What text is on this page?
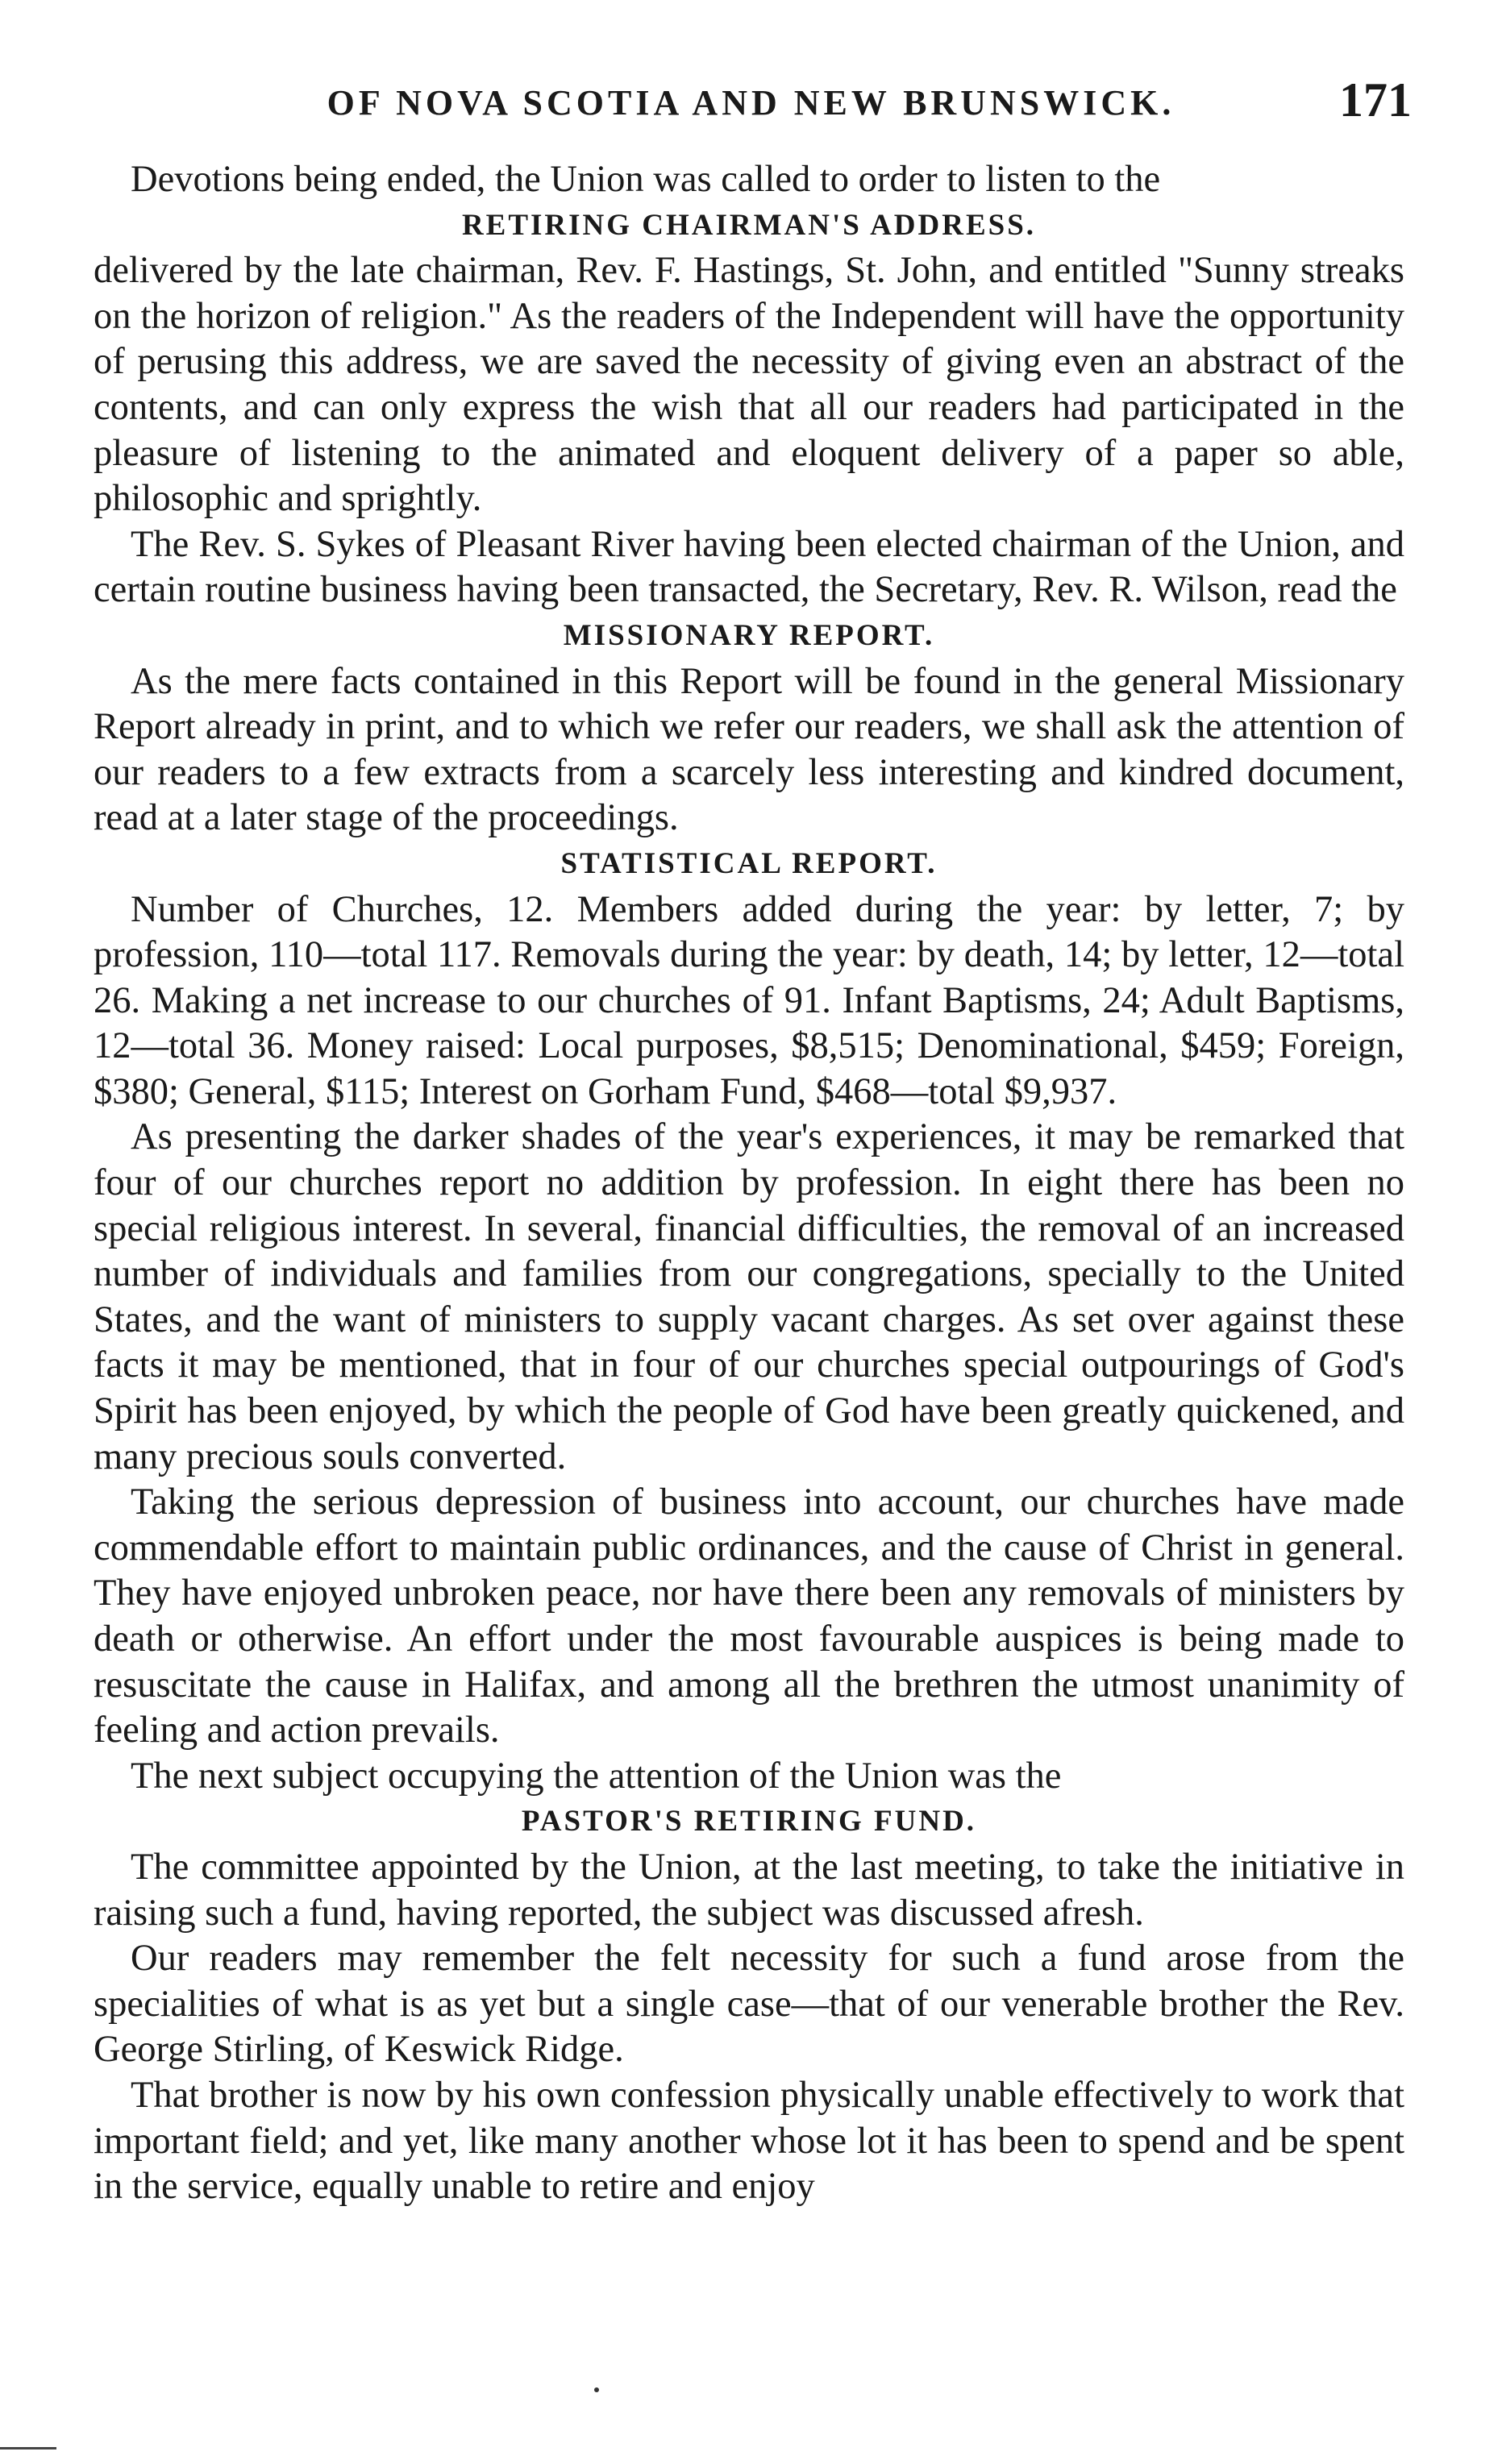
OF NOVA SCOTIA AND NEW BRUNSWICK.	171

Devotions being ended, the Union was called to order to listen to the

RETIRING CHAIRMAN'S ADDRESS.

delivered by the late chairman, Rev. F. Hastings, St. John, and entitled "Sunny streaks on the horizon of religion." As the readers of the Independent will have the opportunity of perusing this address, we are saved the necessity of giving even an abstract of the contents, and can only express the wish that all our readers had participated in the pleasure of listening to the animated and eloquent delivery of a paper so able, philosophic and sprightly.

The Rev. S. Sykes of Pleasant River having been elected chairman of the Union, and certain routine business having been transacted, the Secretary, Rev. R. Wilson, read the

MISSIONARY REPORT.

As the mere facts contained in this Report will be found in the general Missionary Report already in print, and to which we refer our readers, we shall ask the attention of our readers to a few extracts from a scarcely less interesting and kindred document, read at a later stage of the proceedings.

STATISTICAL REPORT.

Number of Churches, 12. Members added during the year: by letter, 7; by profession, 110—total 117. Removals during the year: by death, 14; by letter, 12—total 26. Making a net increase to our churches of 91. Infant Baptisms, 24; Adult Baptisms, 12—total 36. Money raised: Local purposes, $8,515; Denominational, $459; Foreign, $380; General, $115; Interest on Gorham Fund, $468—total $9,937.

As presenting the darker shades of the year's experiences, it may be remarked that four of our churches report no addition by profession. In eight there has been no special religious interest. In several, financial difficulties, the removal of an increased number of individuals and families from our congregations, specially to the United States, and the want of ministers to supply vacant charges. As set over against these facts it may be mentioned, that in four of our churches special outpourings of God's Spirit has been enjoyed, by which the people of God have been greatly quickened, and many precious souls converted.

Taking the serious depression of business into account, our churches have made commendable effort to maintain public ordinances, and the cause of Christ in general. They have enjoyed unbroken peace, nor have there been any removals of ministers by death or otherwise. An effort under the most favourable auspices is being made to resuscitate the cause in Halifax, and among all the brethren the utmost unanimity of feeling and action prevails.

The next subject occupying the attention of the Union was the

PASTOR'S RETIRING FUND.

The committee appointed by the Union, at the last meeting, to take the initiative in raising such a fund, having reported, the subject was discussed afresh.

Our readers may remember the felt necessity for such a fund arose from the specialities of what is as yet but a single case—that of our venerable brother the Rev. George Stirling, of Keswick Ridge.

That brother is now by his own confession physically unable effectively to work that important field; and yet, like many another whose lot it has been to spend and be spent in the service, equally unable to retire and enjoy
